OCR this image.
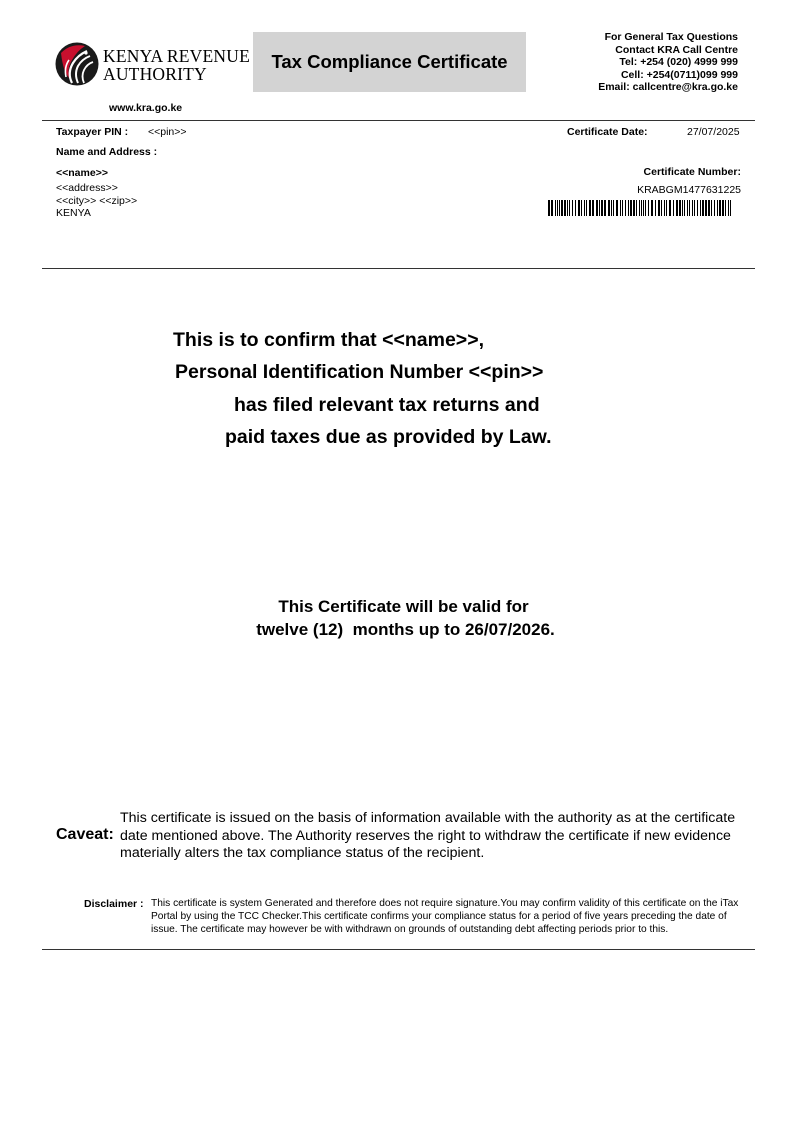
KENYA REVENUE
AUTHORITY
www.kra.go.ke
Tax Compliance Certificate
For General Tax Questions
Contact KRA Call Centre
Tel: +254 (020) 4999 999
Cell: +254(0711)099 999
Email: callcentre@kra.go.ke
Taxpayer PIN : <<pin>>	Certificate Date:	27/07/2025
Name and Address :
<<name>>
<<address>>
<<city>> <<zip>>
KENYA
Certificate Number:
KRABGM1477631225
This is to confirm that <<name>>,
Personal Identification Number <<pin>>
has filed relevant tax returns and
paid taxes due as provided by Law.
This Certificate will be valid for
twelve (12)  months up to 26/07/2026.
Caveat:
This certificate is issued on the basis of information available with the authority as at the certificate date mentioned above. The Authority reserves the right to withdraw the certificate if new evidence materially alters the tax compliance status of the recipient.
Disclaimer : This certificate is system Generated and therefore does not require signature.You may confirm validity of this certificate on the iTax Portal by using the TCC Checker.This certificate confirms your compliance status for a period of five years preceding the date of issue. The certificate may however be with withdrawn on grounds of outstanding debt affecting periods prior to this.
